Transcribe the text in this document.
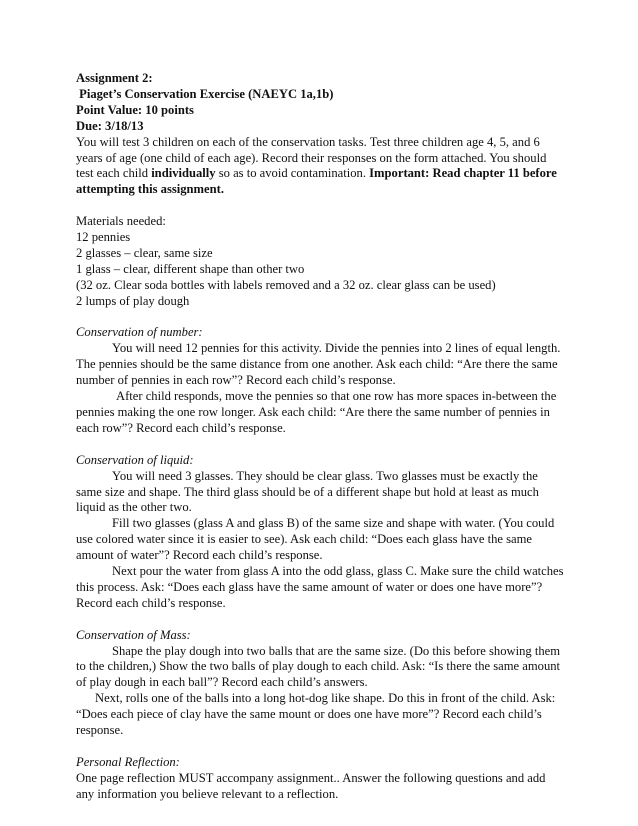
Assignment 2:
Piaget’s Conservation Exercise (NAEYC 1a,1b)
Point Value: 10 points
Due: 3/18/13
You will test 3 children on each of the conservation tasks. Test three children age 4, 5, and 6
years of age (one child of each age). Record their responses on the form attached. You should
test each child individually so as to avoid contamination. Important: Read chapter 11 before
attempting this assignment.
Materials needed:
12 pennies
2 glasses – clear, same size
1 glass – clear, different shape than other two
(32 oz. Clear soda bottles with labels removed and a 32 oz. clear glass can be used)
2 lumps of play dough
Conservation of number:
You will need 12 pennies for this activity. Divide the pennies into 2 lines of equal length.
The pennies should be the same distance from one another. Ask each child: “Are there the same
number of pennies in each row”? Record each child’s response.
After child responds, move the pennies so that one row has more spaces in-between the
pennies making the one row longer. Ask each child: “Are there the same number of pennies in
each row”? Record each child’s response.
Conservation of liquid:
You will need 3 glasses. They should be clear glass. Two glasses must be exactly the
same size and shape. The third glass should be of a different shape but hold at least as much
liquid as the other two.
Fill two glasses (glass A and glass B) of the same size and shape with water. (You could
use colored water since it is easier to see). Ask each child: “Does each glass have the same
amount of water”? Record each child’s response.
Next pour the water from glass A into the odd glass, glass C. Make sure the child watches
this process. Ask: “Does each glass have the same amount of water or does one have more”?
Record each child’s response.
Conservation of Mass:
Shape the play dough into two balls that are the same size. (Do this before showing them
to the children,) Show the two balls of play dough to each child. Ask: “Is there the same amount
of play dough in each ball”? Record each child’s answers.
Next, rolls one of the balls into a long hot-dog like shape. Do this in front of the child. Ask:
“Does each piece of clay have the same mount or does one have more”? Record each child’s
response.
Personal Reflection:
One page reflection MUST accompany assignment.. Answer the following questions and add
any information you believe relevant to a reflection.
